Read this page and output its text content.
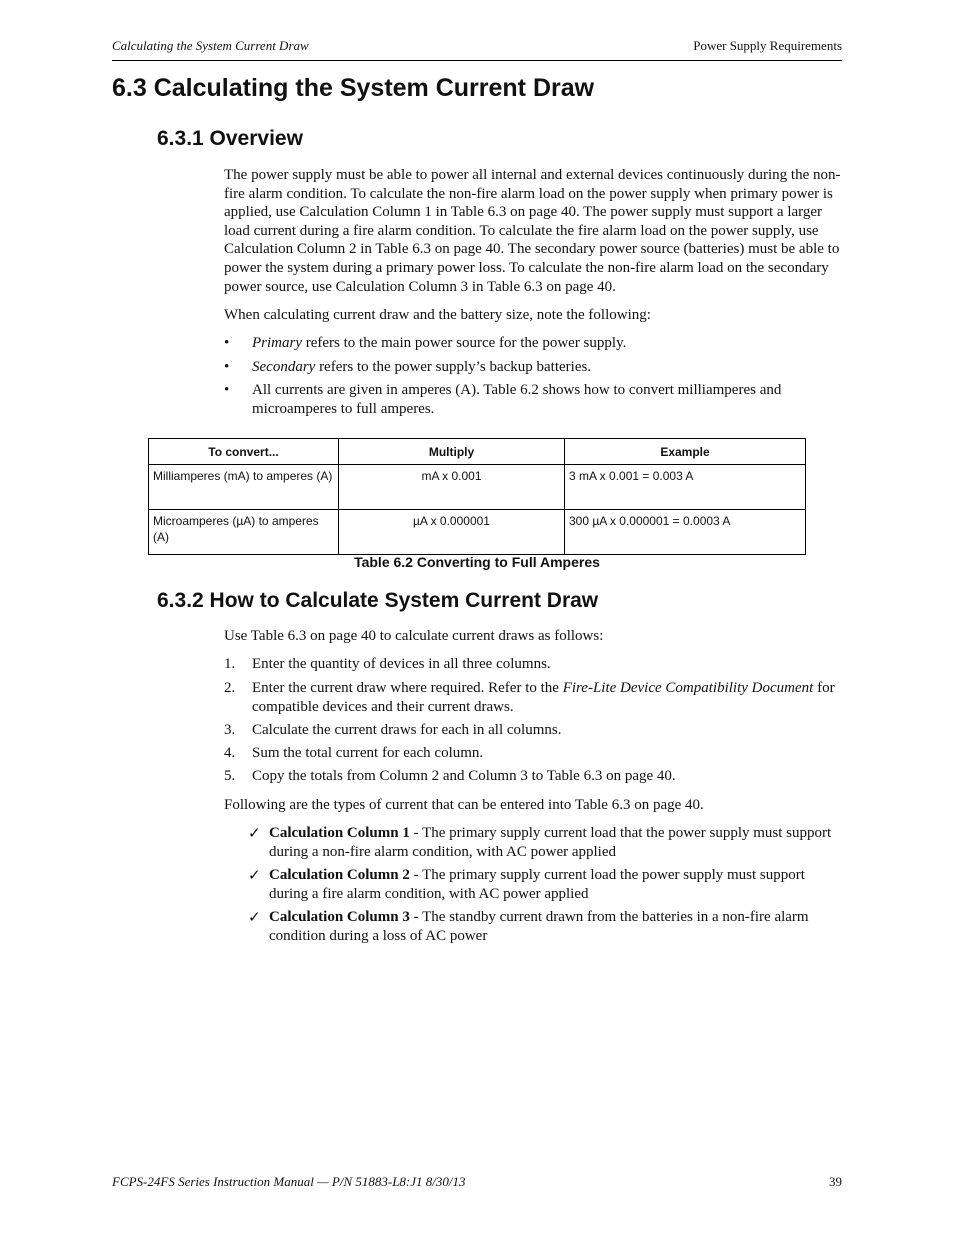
Calculating the System Current Draw	Power Supply Requirements
6.3 Calculating the System Current Draw
6.3.1 Overview

The power supply must be able to power all internal and external devices continuously during the non-fire alarm condition. To calculate the non-fire alarm load on the power supply when primary power is applied, use Calculation Column 1 in Table 6.3 on page 40. The power supply must support a larger load current during a fire alarm condition. To calculate the fire alarm load on the power supply, use Calculation Column 2 in Table 6.3 on page 40. The secondary power source (batteries) must be able to power the system during a primary power loss. To calculate the non-fire alarm load on the secondary power source, use Calculation Column 3 in Table 6.3 on page 40.

When calculating current draw and the battery size, note the following:

• Primary refers to the main power source for the power supply.
• Secondary refers to the power supply’s backup batteries.
• All currents are given in amperes (A). Table 6.2 shows how to convert milliamperes and microamperes to full amperes.
To convert...	Multiply	Example
Milliamperes (mA) to amperes (A)	mA x 0.001	3 mA x 0.001 = 0.003 A
Microamperes (µA) to amperes (A)	µA x 0.000001	300 µA x 0.000001 = 0.0003 A
Table 6.2 Converting to Full Amperes
6.3.2 How to Calculate System Current Draw

Use Table 6.3 on page 40 to calculate current draws as follows:

1. Enter the quantity of devices in all three columns.
2. Enter the current draw where required. Refer to the Fire-Lite Device Compatibility Document for compatible devices and their current draws.
3. Calculate the current draws for each in all columns.
4. Sum the total current for each column.
5. Copy the totals from Column 2 and Column 3 to Table 6.3 on page 40.

Following are the types of current that can be entered into Table 6.3 on page 40.

✓ Calculation Column 1 - The primary supply current load that the power supply must support during a non-fire alarm condition, with AC power applied
✓ Calculation Column 2 - The primary supply current load the power supply must support during a fire alarm condition, with AC power applied
✓ Calculation Column 3 - The standby current drawn from the batteries in a non-fire alarm condition during a loss of AC power
FCPS-24FS Series Instruction Manual — P/N 51883-L8:J1 8/30/13	39
